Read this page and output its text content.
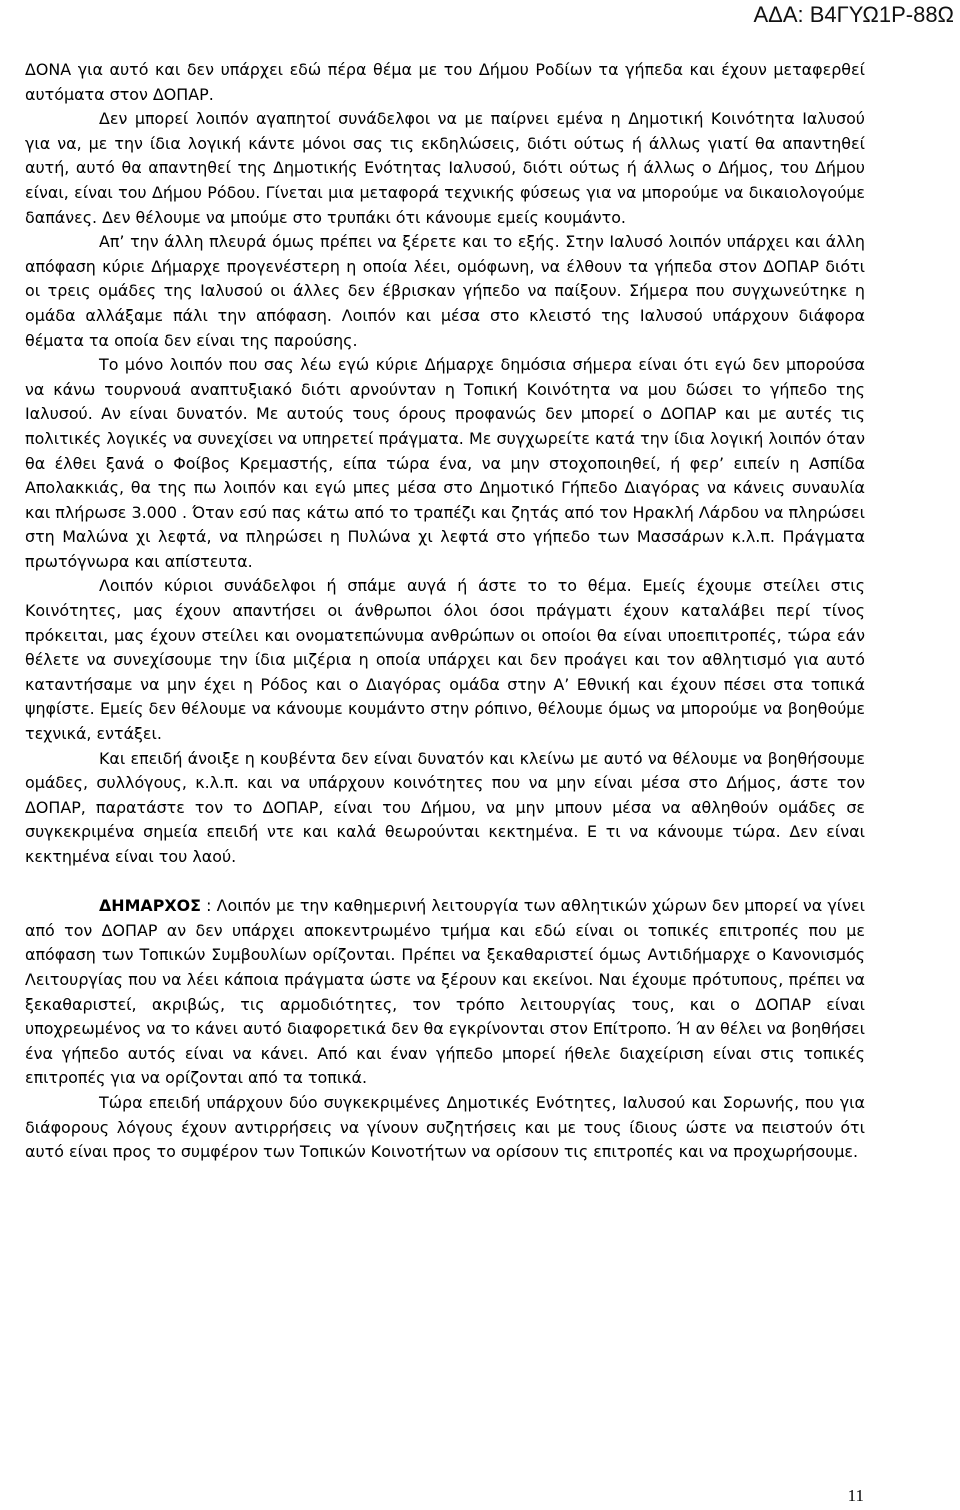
ΑΔΑ: Β4ΓΥΩ1Ρ-88Ω

ΔΟΝΑ για αυτό και δεν υπάρχει εδώ πέρα θέμα με του Δήμου Ροδίων τα γήπεδα και έχουν μεταφερθεί αυτόματα στον ΔΟΠΑΡ.

Δεν μπορεί λοιπόν αγαπητοί συνάδελφοι να με παίρνει εμένα η Δημοτική Κοινότητα Ιαλυσού για να, με την ίδια λογική κάντε μόνοι σας τις εκδηλώσεις, διότι ούτως ή άλλως γιατί θα απαντηθεί αυτή, αυτό θα απαντηθεί της Δημοτικής Ενότητας Ιαλυσού, διότι ούτως ή άλλως ο Δήμος, του Δήμου είναι, είναι του Δήμου Ρόδου. Γίνεται μια μεταφορά τεχνικής φύσεως για να μπορούμε να δικαιολογούμε δαπάνες. Δεν θέλουμε να μπούμε στο τρυπάκι ότι κάνουμε εμείς κουμάντο.

Απ’ την άλλη πλευρά όμως πρέπει να ξέρετε και το εξής. Στην Ιαλυσό λοιπόν υπάρχει και άλλη απόφαση κύριε Δήμαρχε προγενέστερη η οποία λέει, ομόφωνη, να έλθουν τα γήπεδα στον ΔΟΠΑΡ διότι οι τρεις ομάδες της Ιαλυσού οι άλλες δεν έβρισκαν γήπεδο να παίξουν. Σήμερα που συγχωνεύτηκε η ομάδα αλλάξαμε πάλι την απόφαση. Λοιπόν και μέσα στο κλειστό της Ιαλυσού υπάρχουν διάφορα θέματα τα οποία δεν είναι της παρούσης.

Το μόνο λοιπόν που σας λέω εγώ κύριε Δήμαρχε δημόσια σήμερα είναι ότι εγώ δεν μπορούσα να κάνω τουρνουά αναπτυξιακό διότι αρνούνταν η Τοπική Κοινότητα να μου δώσει το γήπεδο της Ιαλυσού. Αν είναι δυνατόν. Με αυτούς τους όρους προφανώς δεν μπορεί ο ΔΟΠΑΡ και με αυτές τις πολιτικές λογικές να συνεχίσει να υπηρετεί πράγματα. Με συγχωρείτε κατά την ίδια λογική λοιπόν όταν θα έλθει ξανά ο Φοίβος Κρεμαστής, είπα τώρα ένα, να μην στοχοποιηθεί, ή φερ’ ειπείν η Ασπίδα Απολακκιάς, θα της πω λοιπόν και εγώ μπες μέσα στο Δημοτικό Γήπεδο Διαγόρας να κάνεις συναυλία και πλήρωσε 3.000 . Όταν εσύ πας κάτω από το τραπέζι και ζητάς από τον Ηρακλή Λάρδου να πληρώσει στη Μαλώνα χι λεφτά, να πληρώσει η Πυλώνα χι λεφτά στο γήπεδο των Μασσάρων κ.λ.π. Πράγματα πρωτόγνωρα και απίστευτα.

Λοιπόν κύριοι συνάδελφοι ή σπάμε αυγά ή άστε το το θέμα. Εμείς έχουμε στείλει στις Κοινότητες, μας έχουν απαντήσει οι άνθρωποι όλοι όσοι πράγματι έχουν καταλάβει περί τίνος πρόκειται, μας έχουν στείλει και ονοματεπώνυμα ανθρώπων οι οποίοι θα είναι υποεπιτροπές, τώρα εάν θέλετε να συνεχίσουμε την ίδια μιζέρια η οποία υπάρχει και δεν προάγει και τον αθλητισμό για αυτό καταντήσαμε να μην έχει η Ρόδος και ο Διαγόρας ομάδα στην Α’ Εθνική και έχουν πέσει στα τοπικά ψηφίστε. Εμείς δεν θέλουμε να κάνουμε κουμάντο στην ρόπινο, θέλουμε όμως να μπορούμε να βοηθούμε τεχνικά, εντάξει.

Και επειδή άνοιξε η κουβέντα δεν είναι δυνατόν και κλείνω με αυτό να θέλουμε να βοηθήσουμε ομάδες, συλλόγους, κ.λ.π. και να υπάρχουν κοινότητες που να μην είναι μέσα στο Δήμος, άστε τον ΔΟΠΑΡ, παρατάστε τον το ΔΟΠΑΡ, είναι του Δήμου, να μην μπουν μέσα να αθληθούν ομάδες σε συγκεκριμένα σημεία επειδή ντε και καλά θεωρούνται κεκτημένα. Ε τι να κάνουμε τώρα. Δεν είναι κεκτημένα είναι του λαού.

ΔΗΜΑΡΧΟΣ : Λοιπόν με την καθημερινή λειτουργία των αθλητικών χώρων δεν μπορεί να γίνει από τον ΔΟΠΑΡ αν δεν υπάρχει αποκεντρωμένο τμήμα και εδώ είναι οι τοπικές επιτροπές που με απόφαση των Τοπικών Συμβουλίων ορίζονται. Πρέπει να ξεκαθαριστεί όμως Αντιδήμαρχε ο Κανονισμός Λειτουργίας που να λέει κάποια πράγματα ώστε να ξέρουν και εκείνοι. Ναι έχουμε πρότυπους, πρέπει να ξεκαθαριστεί, ακριβώς, τις αρμοδιότητες, τον τρόπο λειτουργίας τους, και ο ΔΟΠΑΡ είναι υποχρεωμένος να το κάνει αυτό διαφορετικά δεν θα εγκρίνονται στον Επίτροπο. Ή αν θέλει να βοηθήσει ένα γήπεδο αυτός είναι να κάνει. Από και έναν γήπεδο μπορεί ήθελε διαχείριση είναι στις τοπικές επιτροπές για να ορίζονται από τα τοπικά.

Τώρα επειδή υπάρχουν δύο συγκεκριμένες Δημοτικές Ενότητες, Ιαλυσού και Σορωνής, που για διάφορους λόγους έχουν αντιρρήσεις να γίνουν συζητήσεις και με τους ίδιους ώστε να πειστούν ότι αυτό είναι προς το συμφέρον των Τοπικών Κοινοτήτων να ορίσουν τις επιτροπές και να προχωρήσουμε.

11
